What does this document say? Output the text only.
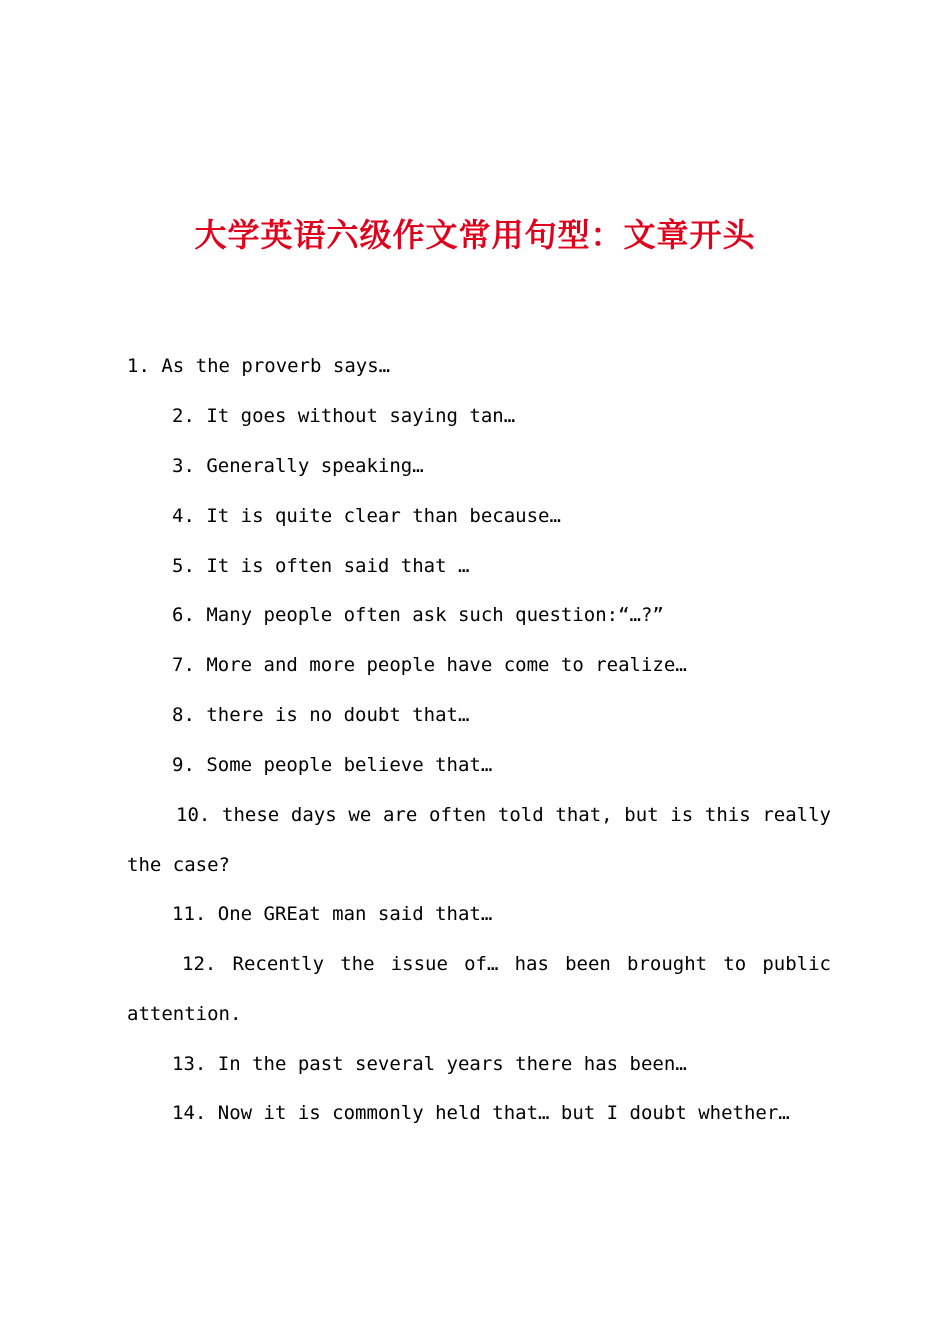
大学英语六级作文常用句型：文章开头
1. As the proverb says…
2. It goes without saying tan…
3. Generally speaking…
4. It is quite clear than because…
5. It is often said that …
6. Many people often ask such question:“…?”
7. More and more people have come to realize…
8. there is no doubt that…
9. Some people believe that…
10. these days we are often told that, but is this really
the case?
11. One GREat man said that…
12. Recently the issue of… has been brought to public
attention.
13. In the past several years there has been…
14. Now it is commonly held that… but I doubt whether…
